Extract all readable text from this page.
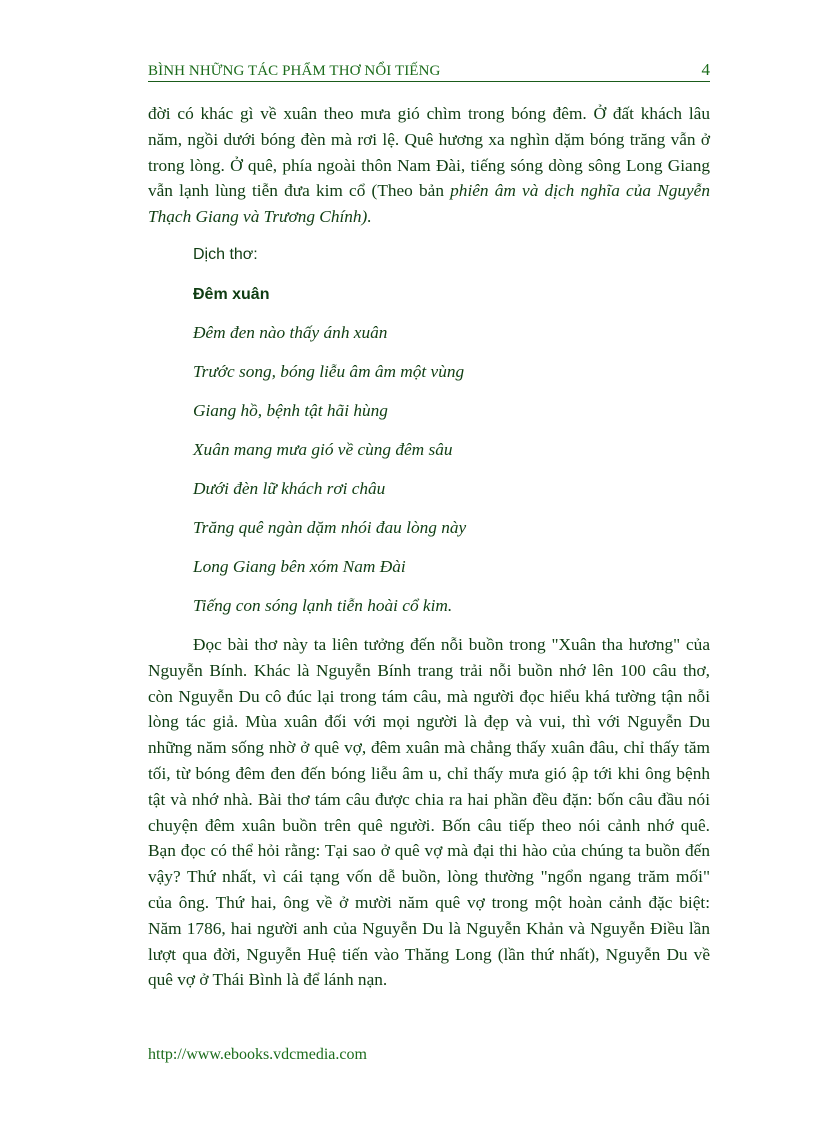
BÌNH NHỮNG TÁC PHẨM THƠ NỔI TIẾNG	4
đời có khác gì về xuân theo mưa gió chìm trong bóng đêm. Ở đất khách lâu
năm, ngồi dưới bóng đèn mà rơi lệ. Quê hương xa nghìn dặm bóng trăng vẫn ở
trong lòng. Ở quê, phía ngoài thôn Nam Đài, tiếng sóng dòng sông Long Giang
vẫn lạnh lùng tiễn đưa kim cổ (Theo bản phiên âm và dịch nghĩa của Nguyễn
Thạch Giang và Trương Chính).
Dịch thơ:
Đêm xuân
Đêm đen nào thấy ánh xuân
Trước song, bóng liễu âm âm một vùng
Giang hồ, bệnh tật hãi hùng
Xuân mang mưa gió về cùng đêm sâu
Dưới đèn lữ khách rơi châu
Trăng quê ngàn dặm nhói đau lòng này
Long Giang bên xóm Nam Đài
Tiếng con sóng lạnh tiễn hoài cổ kim.
Đọc bài thơ này ta liên tưởng đến nỗi buồn trong "Xuân tha hương" của
Nguyễn Bính. Khác là Nguyễn Bính trang trải nỗi buồn nhớ lên 100 câu thơ,
còn Nguyễn Du cô đúc lại trong tám câu, mà người đọc hiểu khá tường tận nỗi
lòng tác giả. Mùa xuân đối với mọi người là đẹp và vui, thì với Nguyễn Du
những năm sống nhờ ở quê vợ, đêm xuân mà chẳng thấy xuân đâu, chỉ thấy tăm
tối, từ bóng đêm đen đến bóng liễu âm u, chỉ thấy mưa gió ập tới khi ông bệnh
tật và nhớ nhà. Bài thơ tám câu được chia ra hai phần đều đặn: bốn câu đầu nói
chuyện đêm xuân buồn trên quê người. Bốn câu tiếp theo nói cảnh nhớ quê.
Bạn đọc có thể hỏi rằng: Tại sao ở quê vợ mà đại thi hào của chúng ta buồn đến
vậy? Thứ nhất, vì cái tạng vốn dễ buồn, lòng thường "ngổn ngang trăm mối"
của ông. Thứ hai, ông về ở mười năm quê vợ trong một hoàn cảnh đặc biệt:
Năm 1786, hai người anh của Nguyễn Du là Nguyễn Khản và Nguyễn Điều lần
lượt qua đời, Nguyễn Huệ tiến vào Thăng Long (lần thứ nhất), Nguyễn Du về
quê vợ ở Thái Bình là để lánh nạn.
http://www.ebooks.vdcmedia.com
